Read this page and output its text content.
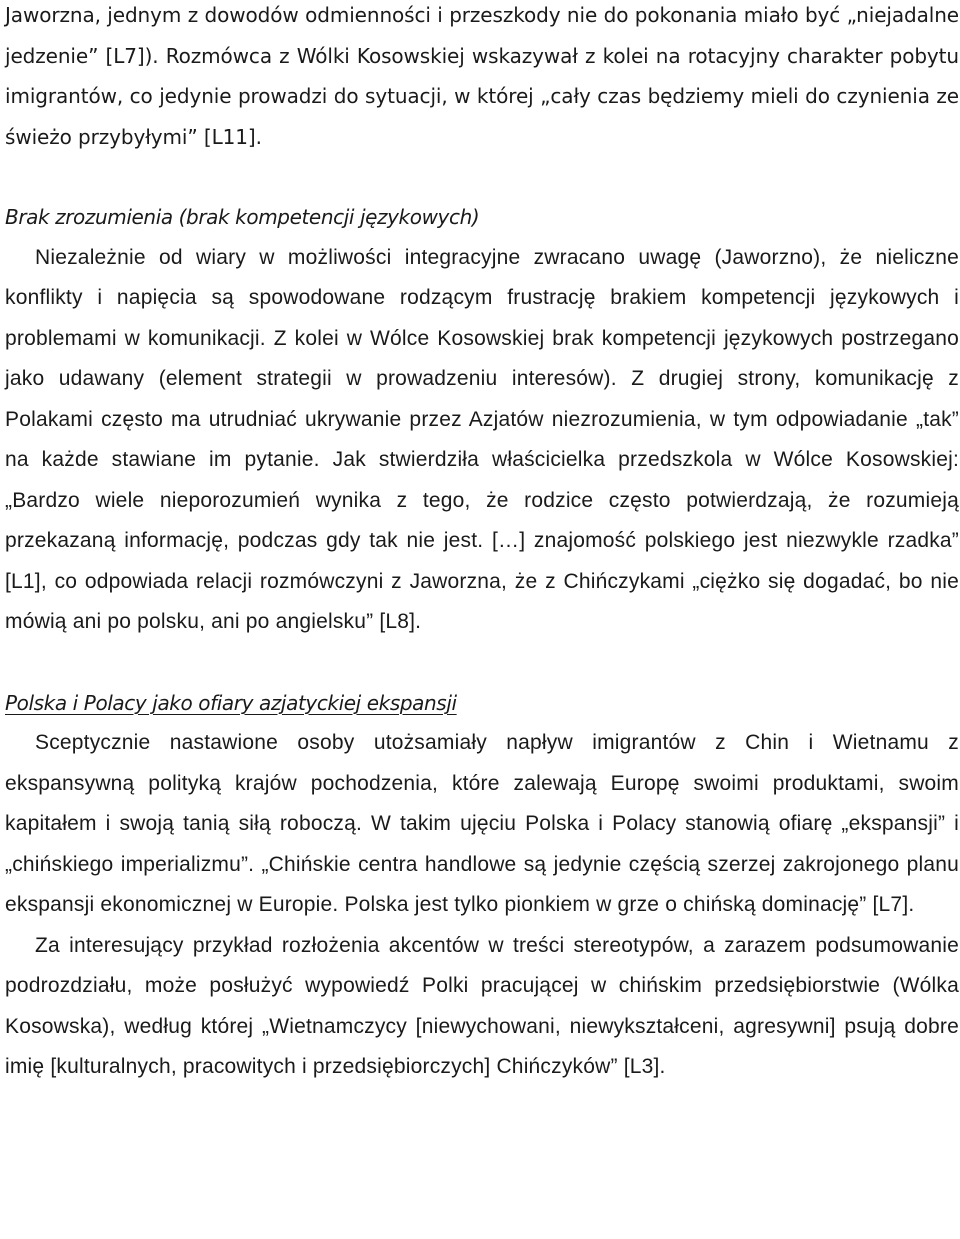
Jaworzna, jednym z dowodów odmienności i przeszkody nie do pokonania miało być „niejadalne jedzenie” [L7]). Rozmówca z Wólki Kosowskiej wskazywał z kolei na rotacyjny charakter pobytu imigrantów, co jedynie prowadzi do sytuacji, w której „cały czas będziemy mieli do czynienia ze świeżo przybyłymi” [L11].

Brak zrozumienia (brak kompetencji językowych)

Niezależnie od wiary w możliwości integracyjne zwracano uwagę (Jaworzno), że nieliczne konflikty i napięcia są spowodowane rodzącym frustrację brakiem kompetencji językowych i problemami w komunikacji. Z kolei w Wólce Kosowskiej brak kompetencji językowych postrzegano jako udawany (element strategii w prowadzeniu interesów). Z drugiej strony, komunikację z Polakami często ma utrudniać ukrywanie przez Azjatów niezrozumienia, w tym odpowiadanie „tak” na każde stawiane im pytanie. Jak stwierdziła właścicielka przedszkola w Wólce Kosowskiej: „Bardzo wiele nieporozumień wynika z tego, że rodzice często potwierdzają, że rozumieją przekazaną informację, podczas gdy tak nie jest. […] znajomość polskiego jest niezwykle rzadka” [L1], co odpowiada relacji rozmówczyni z Jaworzna, że z Chińczykami „ciężko się dogadać, bo nie mówią ani po polsku, ani po angielsku” [L8].

Polska i Polacy jako ofiary azjatyckiej ekspansji

Sceptycznie nastawione osoby utożsamiały napływ imigrantów z Chin i Wietnamu z ekspansywną polityką krajów pochodzenia, które zalewają Europę swoimi produktami, swoim kapitałem i swoją tanią siłą roboczą. W takim ujęciu Polska i Polacy stanowią ofiarę „ekspansji” i „chińskiego imperializmu”. „Chińskie centra handlowe są jedynie częścią szerzej zakrojonego planu ekspansji ekonomicznej w Europie. Polska jest tylko pionkiem w grze o chińską dominację” [L7].

Za interesujący przykład rozłożenia akcentów w treści stereotypów, a zarazem podsumowanie podrozdziału, może posłużyć wypowiedź Polki pracującej w chińskim przedsiębiorstwie (Wólka Kosowska), według której „Wietnamczycy [niewychowani, niewykształceni, agresywni] psują dobre imię [kulturalnych, pracowitych i przedsiębiorczych] Chińczyków” [L3].
